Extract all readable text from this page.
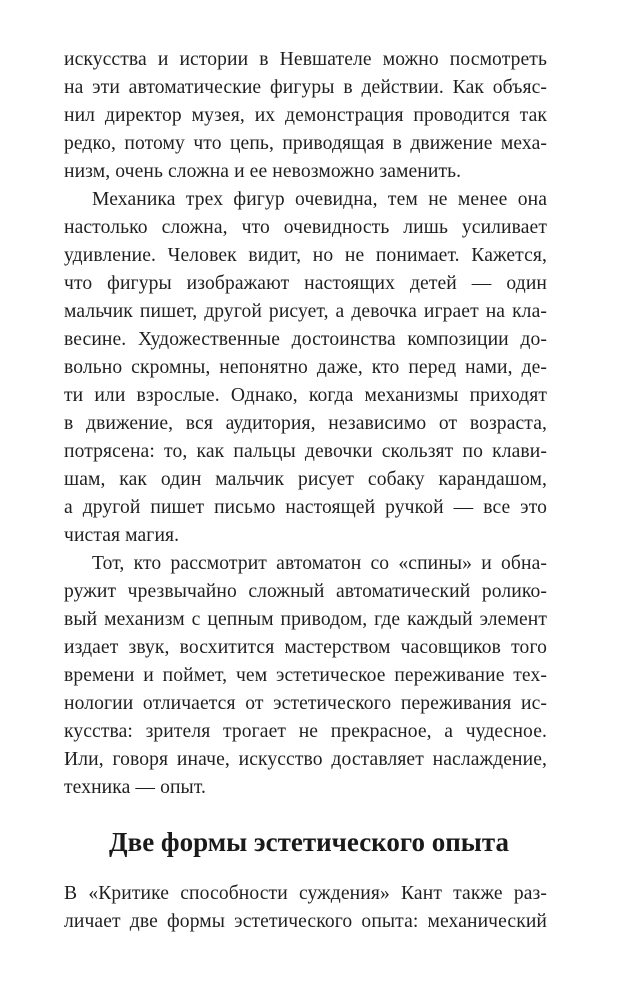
искусства и истории в Невшателе можно посмотреть
на эти автоматические фигуры в действии. Как объяс-
нил директор музея, их демонстрация проводится так
редко, потому что цепь, приводящая в движение меха-
низм, очень сложна и ее невозможно заменить.
Механика трех фигур очевидна, тем не менее она
настолько сложна, что очевидность лишь усиливает
удивление. Человек видит, но не понимает. Кажется,
что фигуры изображают настоящих детей — один
мальчик пишет, другой рисует, а девочка играет на кла-
весине. Художественные достоинства композиции до-
вольно скромны, непонятно даже, кто перед нами, де-
ти или взрослые. Однако, когда механизмы приходят
в движение, вся аудитория, независимо от возраста,
потрясена: то, как пальцы девочки скользят по клави-
шам, как один мальчик рисует собаку карандашом,
а другой пишет письмо настоящей ручкой — все это
чистая магия.
Тот, кто рассмотрит автоматон со «спины» и обна-
ружит чрезвычайно сложный автоматический ролико-
вый механизм с цепным приводом, где каждый элемент
издает звук, восхитится мастерством часовщиков того
времени и поймет, чем эстетическое переживание тех-
нологии отличается от эстетического переживания ис-
кусства: зрителя трогает не прекрасное, а чудесное.
Или, говоря иначе, искусство доставляет наслаждение,
техника — опыт.
Две формы эстетического опыта
В «Критике способности суждения» Кант также раз-
личает две формы эстетического опыта: механический
